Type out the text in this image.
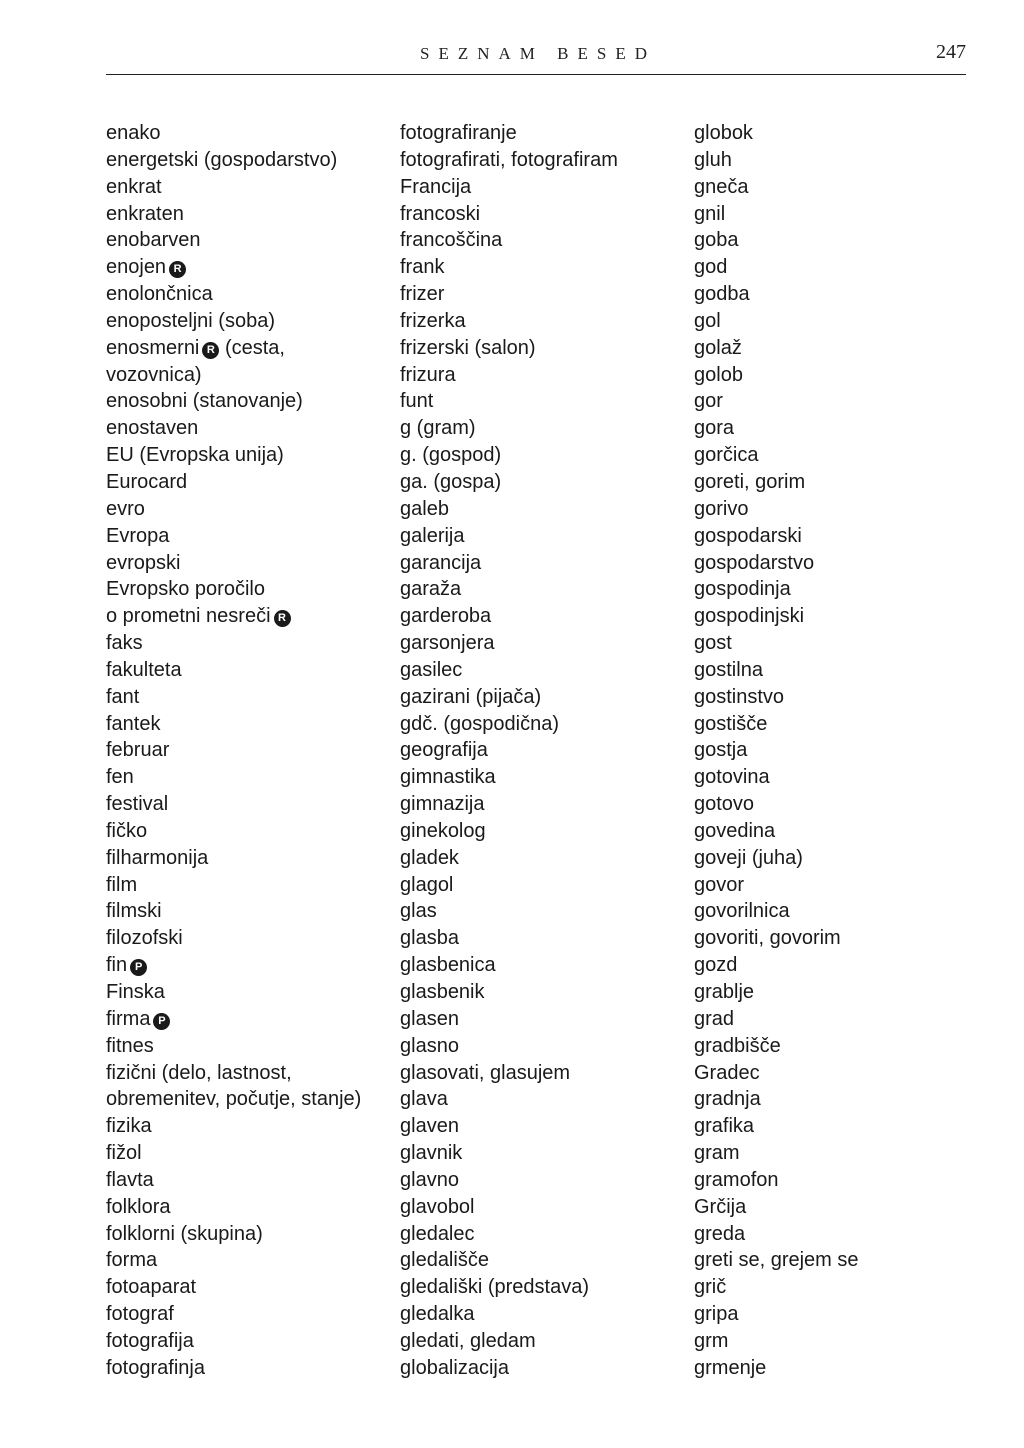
SEZNAM BESED	247
enako
energetski (gospodarstvo)
enkrat
enkraten
enobarven
enojen R
enolončnica
enoposteljni (soba)
enosmerni R (cesta,
vozovnica)
enosobni (stanovanje)
enostaven
EU (Evropska unija)
Eurocard
evro
Evropa
evropski
Evropsko poročilo
o prometni nesreči R
faks
fakulteta
fant
fantek
februar
fen
festival
fičko
filharmonija
film
filmski
filozofski
fin P
Finska
firma P
fitnes
fizični (delo, lastnost,
obremenitev, počutje, stanje)
fizika
fižol
flavta
folklora
folklorni (skupina)
forma
fotoaparat
fotograf
fotografija
fotografinja
fotografiranje
fotografirati, fotografiram
Francija
francoski
francoščina
frank
frizer
frizerka
frizerski (salon)
frizura
funt
g (gram)
g. (gospod)
ga. (gospa)
galeb
galerija
garancija
garaža
garderoba
garsonjera
gasilec
gazirani (pijača)
gdč. (gospodična)
geografija
gimnastika
gimnazija
ginekolog
gladek
glagol
glas
glasba
glasbenica
glasbenik
glasen
glasno
glasovati, glasujem
glava
glaven
glavnik
glavno
glavobol
gledalec
gledališče
gledališki (predstava)
gledalka
gledati, gledam
globalizacija
globok
gluh
gneča
gnil
goba
god
godba
gol
golaž
golob
gor
gora
gorčica
goreti, gorim
gorivo
gospodarski
gospodarstvo
gospodinja
gospodinjski
gost
gostilna
gostinstvo
gostišče
gostja
gotovina
gotovo
govedina
goveji (juha)
govor
govorilnica
govoriti, govorim
gozd
grablje
grad
gradbišče
Gradec
gradnja
grafika
gram
gramofon
Grčija
greda
greti se, grejem se
grič
gripa
grm
grmenje
